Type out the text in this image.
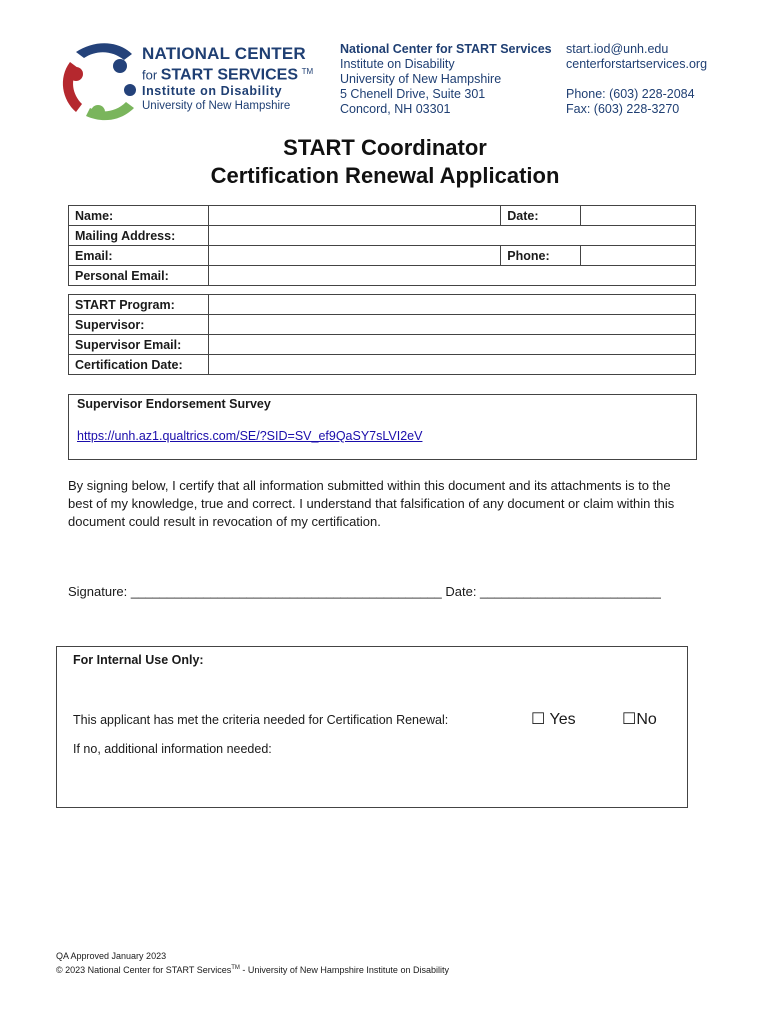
NATIONAL CENTER
for START SERVICES ™
Institute on Disability
University of New Hampshire
National Center for START Services
Institute on Disability
University of New Hampshire
5 Chenell Drive, Suite 301
Concord, NH 03301
start.iod@unh.edu
centerforstartservices.org
Phone: (603) 228-2084
Fax: (603) 228-3270
START Coordinator
Certification Renewal Application
Name:		Date:	
Mailing Address:			
Email:		Phone:	
Personal Email:			
START Program:	
Supervisor:	
Supervisor Email:	
Certification Date:	
Supervisor Endorsement Survey
https://unh.az1.qualtrics.com/SE/?SID=SV_ef9QaSY7sLVI2eV
By signing below, I certify that all information submitted within this document and its attachments is to the best of my knowledge, true and correct. I understand that falsification of any document or claim within this document could result in revocation of my certification.
Signature: ___________________________________________ Date: _________________________
For Internal Use Only:
This applicant has met the criteria needed for Certification Renewal:	☐ Yes	☐No
If no, additional information needed:
QA Approved January 2023
© 2023 National Center for START Services™ - University of New Hampshire Institute on Disability
